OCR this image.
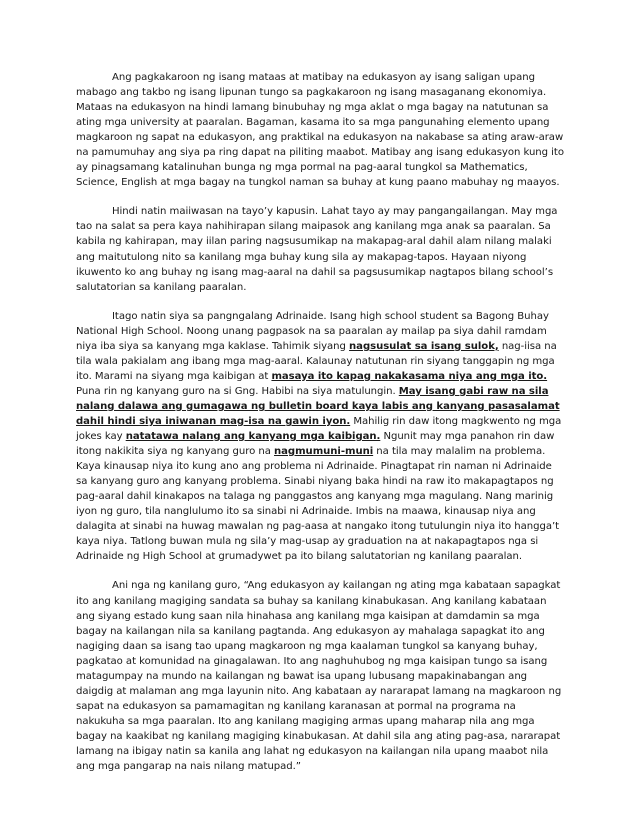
Ang pagkakaroon ng isang mataas at matibay na edukasyon ay isang saligan upang mabago ang takbo ng isang lipunan tungo sa pagkakaroon ng isang masaganang ekonomiya. Mataas na edukasyon na hindi lamang binubuhay ng mga aklat o mga bagay na natutunan sa ating mga university at paaralan. Bagaman, kasama ito sa mga pangunahing elemento upang magkaroon ng sapat na edukasyon, ang praktikal na edukasyon na nakabase sa ating araw-araw na pamumuhay ang siya pa ring dapat na piliting maabot. Matibay ang isang edukasyon kung ito ay pinagsamang katalinuhan bunga ng mga pormal na pag-aaral tungkol sa Mathematics, Science, English at mga bagay na tungkol naman sa buhay at kung paano mabuhay ng maayos.

Hindi natin maiiwasan na tayo’y kapusin. Lahat tayo ay may pangangailangan. May mga tao na salat sa pera kaya nahihirapan silang maipasok ang kanilang mga anak sa paaralan. Sa kabila ng kahirapan, may iilan paring nagsusumikap na makapag-aral dahil alam nilang malaki ang maitutulong nito sa kanilang mga buhay kung sila ay makapag-tapos. Hayaan niyong ikuwento ko ang buhay ng isang mag-aaral na dahil sa pagsusumikap nagtapos bilang school’s salutatorian sa kanilang paaralan.

Itago natin siya sa pangngalang Adrinaide. Isang high school student sa Bagong Buhay National High School. Noong unang pagpasok na sa paaralan ay mailap pa siya dahil ramdam niya iba siya sa kanyang mga kaklase. Tahimik siyang nagsusulat sa isang sulok, nag-iisa na tila wala pakialam ang ibang mga mag-aaral. Kalaunay natutunan rin siyang tanggapin ng mga ito. Marami na siyang mga kaibigan at masaya ito kapag nakakasama niya ang mga ito. Puna rin ng kanyang guro na si Gng. Habibi na siya matulungin. May isang gabi raw na sila nalang dalawa ang gumagawa ng bulletin board kaya labis ang kanyang pasasalamat dahil hindi siya iniwanan mag-isa na gawin iyon. Mahilig rin daw itong magkwento ng mga jokes kay natatawa nalang ang kanyang mga kaibigan. Ngunit may mga panahon rin daw itong nakikita siya ng kanyang guro na nagmumuni-muni na tila may malalim na problema. Kaya kinausap niya ito kung ano ang problema ni Adrinaide. Pinagtapat rin naman ni Adrinaide sa kanyang guro ang kanyang problema. Sinabi niyang baka hindi na raw ito makapagtapos ng pag-aaral dahil kinakapos na talaga ng panggastos ang kanyang mga magulang. Nang marinig iyon ng guro, tila nanglulumo ito sa sinabi ni Adrinaide. Imbis na maawa, kinausap niya ang dalagita at sinabi na huwag mawalan ng pag-aasa at nangako itong tutulungin niya ito hangga’t kaya niya. Tatlong buwan mula ng sila’y mag-usap ay graduation na at nakapagtapos nga si Adrinaide ng High School at grumadywet pa ito bilang salutatorian ng kanilang paaralan.

Ani nga ng kanilang guro, “Ang edukasyon ay kailangan ng ating mga kabataan sapagkat ito ang kanilang magiging sandata sa buhay sa kanilang kinabukasan. Ang kanilang kabataan ang siyang estado kung saan nila hinahasa ang kanilang mga kaisipan at damdamin sa mga bagay na kailangan nila sa kanilang pagtanda. Ang edukasyon ay mahalaga sapagkat ito ang nagiging daan sa isang tao upang magkaroon ng mga kaalaman tungkol sa kanyang buhay, pagkatao at komunidad na ginagalawan. Ito ang naghuhubog ng mga kaisipan tungo sa isang matagumpay na mundo na kailangan ng bawat isa upang lubusang mapakinabangan ang daigdig at malaman ang mga layunin nito. Ang kabataan ay nararapat lamang na magkaroon ng sapat na edukasyon sa pamamagitan ng kanilang karanasan at pormal na programa na nakukuha sa mga paaralan. Ito ang kanilang magiging armas upang maharap nila ang mga bagay na kaakibat ng kanilang magiging kinabukasan. At dahil sila ang ating pag-asa, nararapat lamang na ibigay natin sa kanila ang lahat ng edukasyon na kailangan nila upang maabot nila ang mga pangarap na nais nilang matupad.”
